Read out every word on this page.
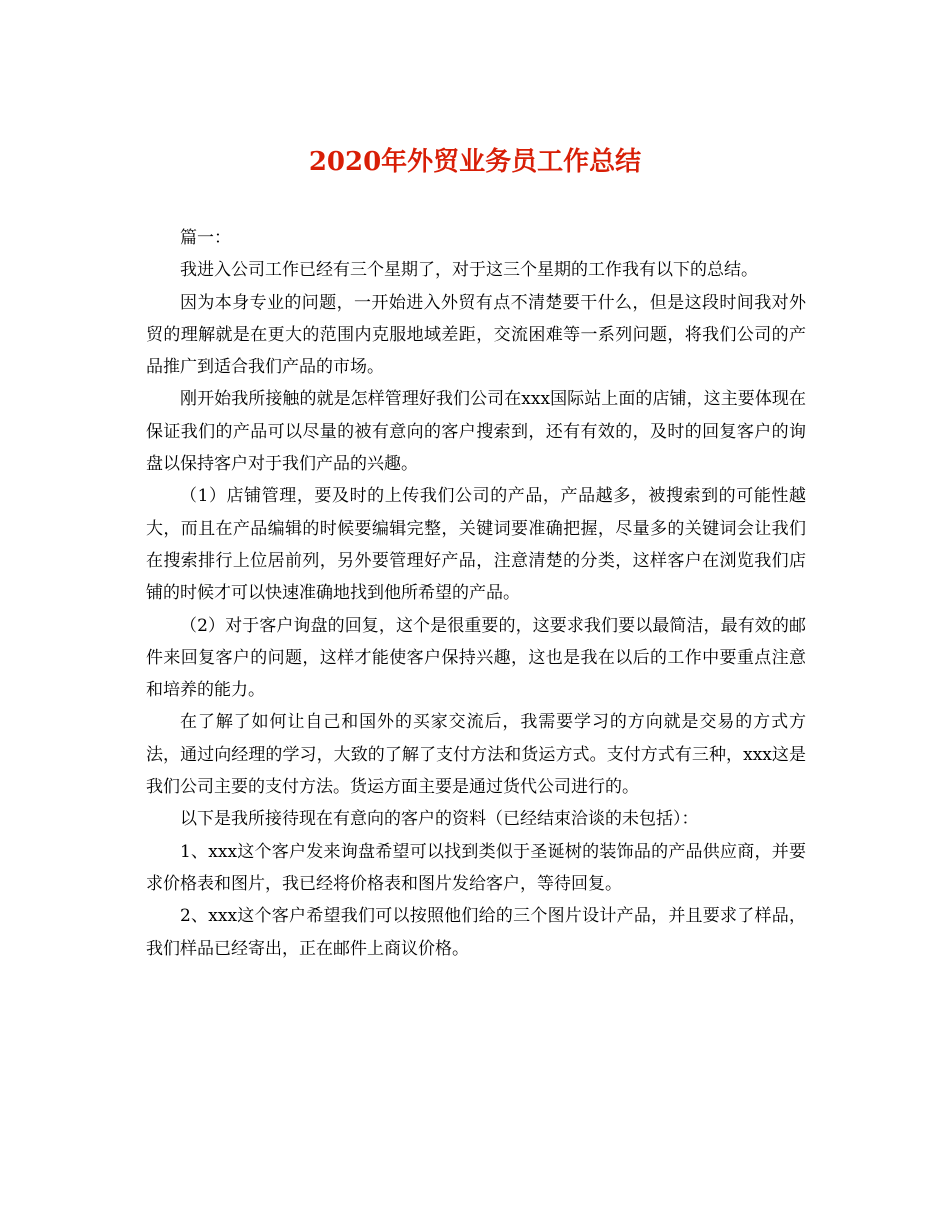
2020年外贸业务员工作总结

篇一：

我进入公司工作已经有三个星期了，对于这三个星期的工作我有以下的总结。

因为本身专业的问题，一开始进入外贸有点不清楚要干什么，但是这段时间我对外贸的理解就是在更大的范围内克服地域差距，交流困难等一系列问题，将我们公司的产品推广到适合我们产品的市场。

刚开始我所接触的就是怎样管理好我们公司在xxx国际站上面的店铺，这主要体现在保证我们的产品可以尽量的被有意向的客户搜索到，还有有效的，及时的回复客户的询盘以保持客户对于我们产品的兴趣。

（1）店铺管理，要及时的上传我们公司的产品，产品越多，被搜索到的可能性越大，而且在产品编辑的时候要编辑完整，关键词要准确把握，尽量多的关键词会让我们在搜索排行上位居前列，另外要管理好产品，注意清楚的分类，这样客户在浏览我们店铺的时候才可以快速准确地找到他所希望的产品。

（2）对于客户询盘的回复，这个是很重要的，这要求我们要以最简洁，最有效的邮件来回复客户的问题，这样才能使客户保持兴趣，这也是我在以后的工作中要重点注意和培养的能力。

在了解了如何让自己和国外的买家交流后，我需要学习的方向就是交易的方式方法，通过向经理的学习，大致的了解了支付方法和货运方式。支付方式有三种，xxx这是我们公司主要的支付方法。货运方面主要是通过货代公司进行的。

以下是我所接待现在有意向的客户的资料（已经结束洽谈的未包括）：

1、xxx这个客户发来询盘希望可以找到类似于圣诞树的装饰品的产品供应商，并要求价格表和图片，我已经将价格表和图片发给客户，等待回复。

2、xxx这个客户希望我们可以按照他们给的三个图片设计产品，并且要求了样品，我们样品已经寄出，正在邮件上商议价格。
